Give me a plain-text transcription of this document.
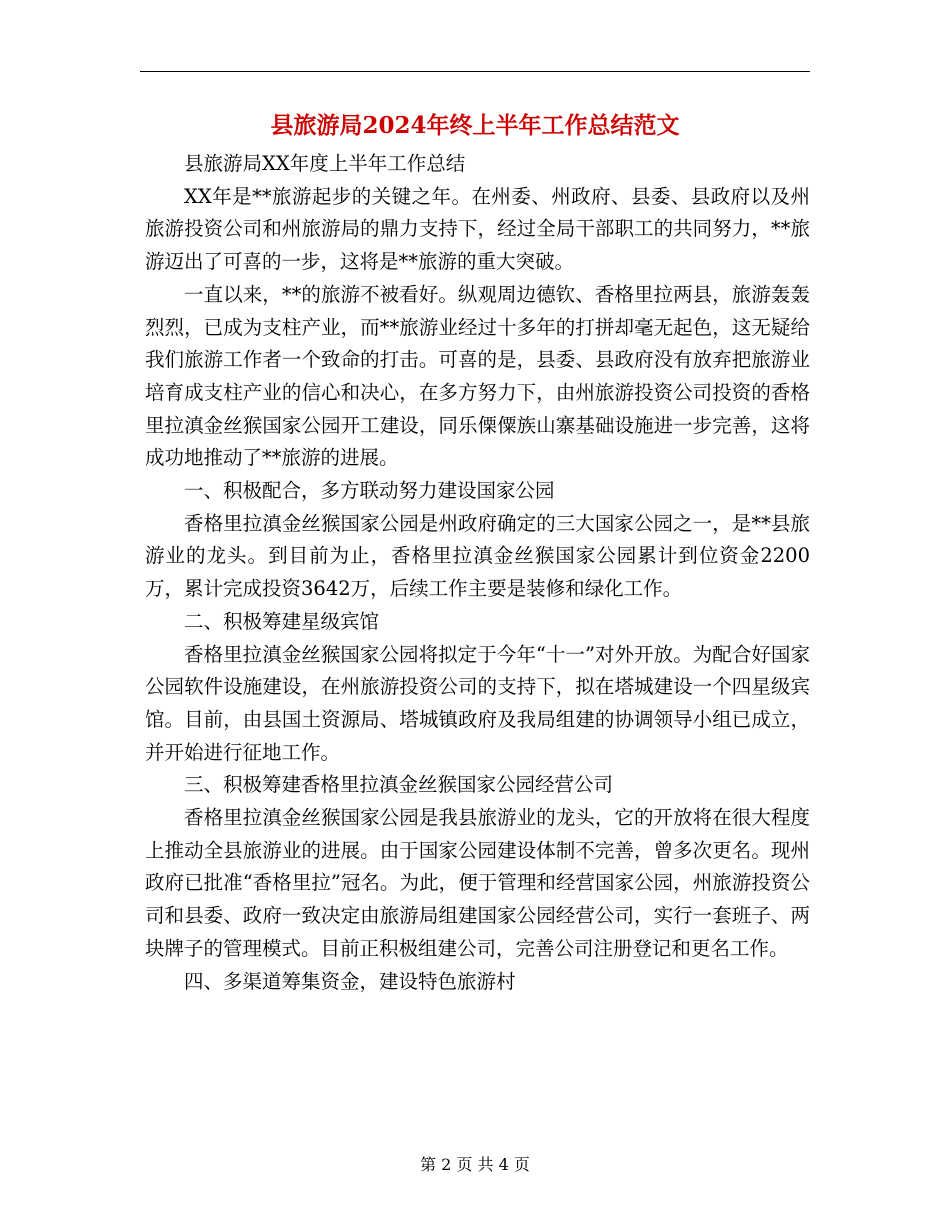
县旅游局2024年终上半年工作总结范文

县旅游局XX年度上半年工作总结

XX年是**旅游起步的关键之年。在州委、州政府、县委、县政府以及州旅游投资公司和州旅游局的鼎力支持下，经过全局干部职工的共同努力，**旅游迈出了可喜的一步，这将是**旅游的重大突破。

一直以来，**的旅游不被看好。纵观周边德钦、香格里拉两县，旅游轰轰烈烈，已成为支柱产业，而**旅游业经过十多年的打拼却毫无起色，这无疑给我们旅游工作者一个致命的打击。可喜的是，县委、县政府没有放弃把旅游业培育成支柱产业的信心和决心，在多方努力下，由州旅游投资公司投资的香格里拉滇金丝猴国家公园开工建设，同乐傈僳族山寨基础设施进一步完善，这将成功地推动了**旅游的进展。

一、积极配合，多方联动努力建设国家公园

香格里拉滇金丝猴国家公园是州政府确定的三大国家公园之一，是**县旅游业的龙头。到目前为止，香格里拉滇金丝猴国家公园累计到位资金2200万，累计完成投资3642万，后续工作主要是装修和绿化工作。

二、积极筹建星级宾馆

香格里拉滇金丝猴国家公园将拟定于今年“十一”对外开放。为配合好国家公园软件设施建设，在州旅游投资公司的支持下，拟在塔城建设一个四星级宾馆。目前，由县国土资源局、塔城镇政府及我局组建的协调领导小组已成立，并开始进行征地工作。

三、积极筹建香格里拉滇金丝猴国家公园经营公司

香格里拉滇金丝猴国家公园是我县旅游业的龙头，它的开放将在很大程度上推动全县旅游业的进展。由于国家公园建设体制不完善，曾多次更名。现州政府已批准“香格里拉”冠名。为此，便于管理和经营国家公园，州旅游投资公司和县委、政府一致决定由旅游局组建国家公园经营公司，实行一套班子、两块牌子的管理模式。目前正积极组建公司，完善公司注册登记和更名工作。

四、多渠道筹集资金，建设特色旅游村

第 2 页 共 4 页
